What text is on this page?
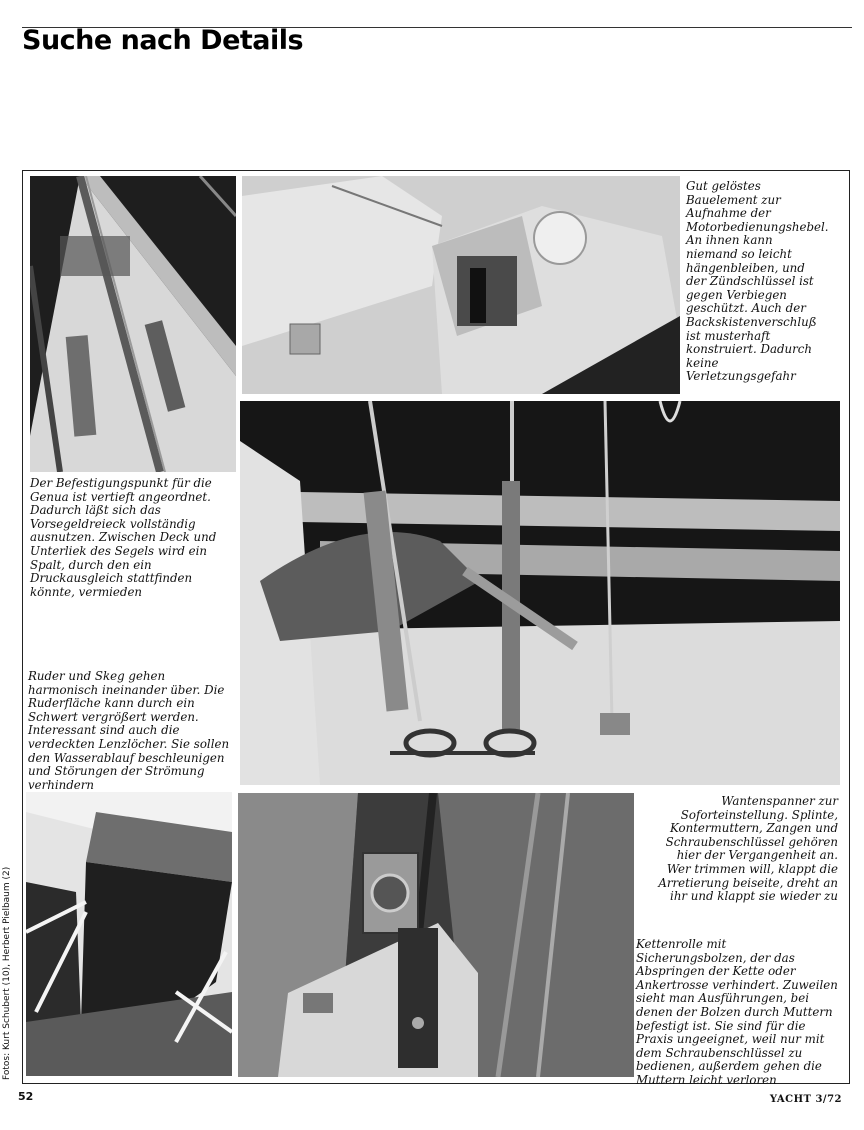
Suche nach Details

Gut gelöstes Bauelement zur Aufnahme der Motorbedienungshebel. An ihnen kann niemand so leicht hängenbleiben, und der Zündschlüssel ist gegen Verbiegen geschützt. Auch der Backskistenverschluß ist musterhaft konstruiert. Dadurch keine Verletzungsgefahr

Der Befestigungspunkt für die Genua ist vertieft angeordnet. Dadurch läßt sich das Vorsegeldreieck vollständig ausnutzen. Zwischen Deck und Unterliek des Segels wird ein Spalt, durch den ein Druckausgleich stattfinden könnte, vermieden

Ruder und Skeg gehen harmonisch ineinander über. Die Ruderfläche kann durch ein Schwert vergrößert werden. Interessant sind auch die verdeckten Lenzlöcher. Sie sollen den Wasserablauf beschleunigen und Störungen der Strömung verhindern

Wantenspanner zur Soforteinstellung. Splinte, Kontermuttern, Zangen und Schraubenschlüssel gehören hier der Vergangenheit an. Wer trimmen will, klappt die Arretierung beiseite, dreht an ihr und klappt sie wieder zu

Kettenrolle mit Sicherungsbolzen, der das Abspringen der Kette oder Ankertrosse verhindert. Zuweilen sieht man Ausführungen, bei denen der Bolzen durch Muttern befestigt ist. Sie sind für die Praxis ungeeignet, weil nur mit dem Schraubenschlüssel zu bedienen, außerdem gehen die Muttern leicht verloren

Fotos: Kurt Schubert (10), Herbert Pielbaum (2)
52	YACHT 3/72
